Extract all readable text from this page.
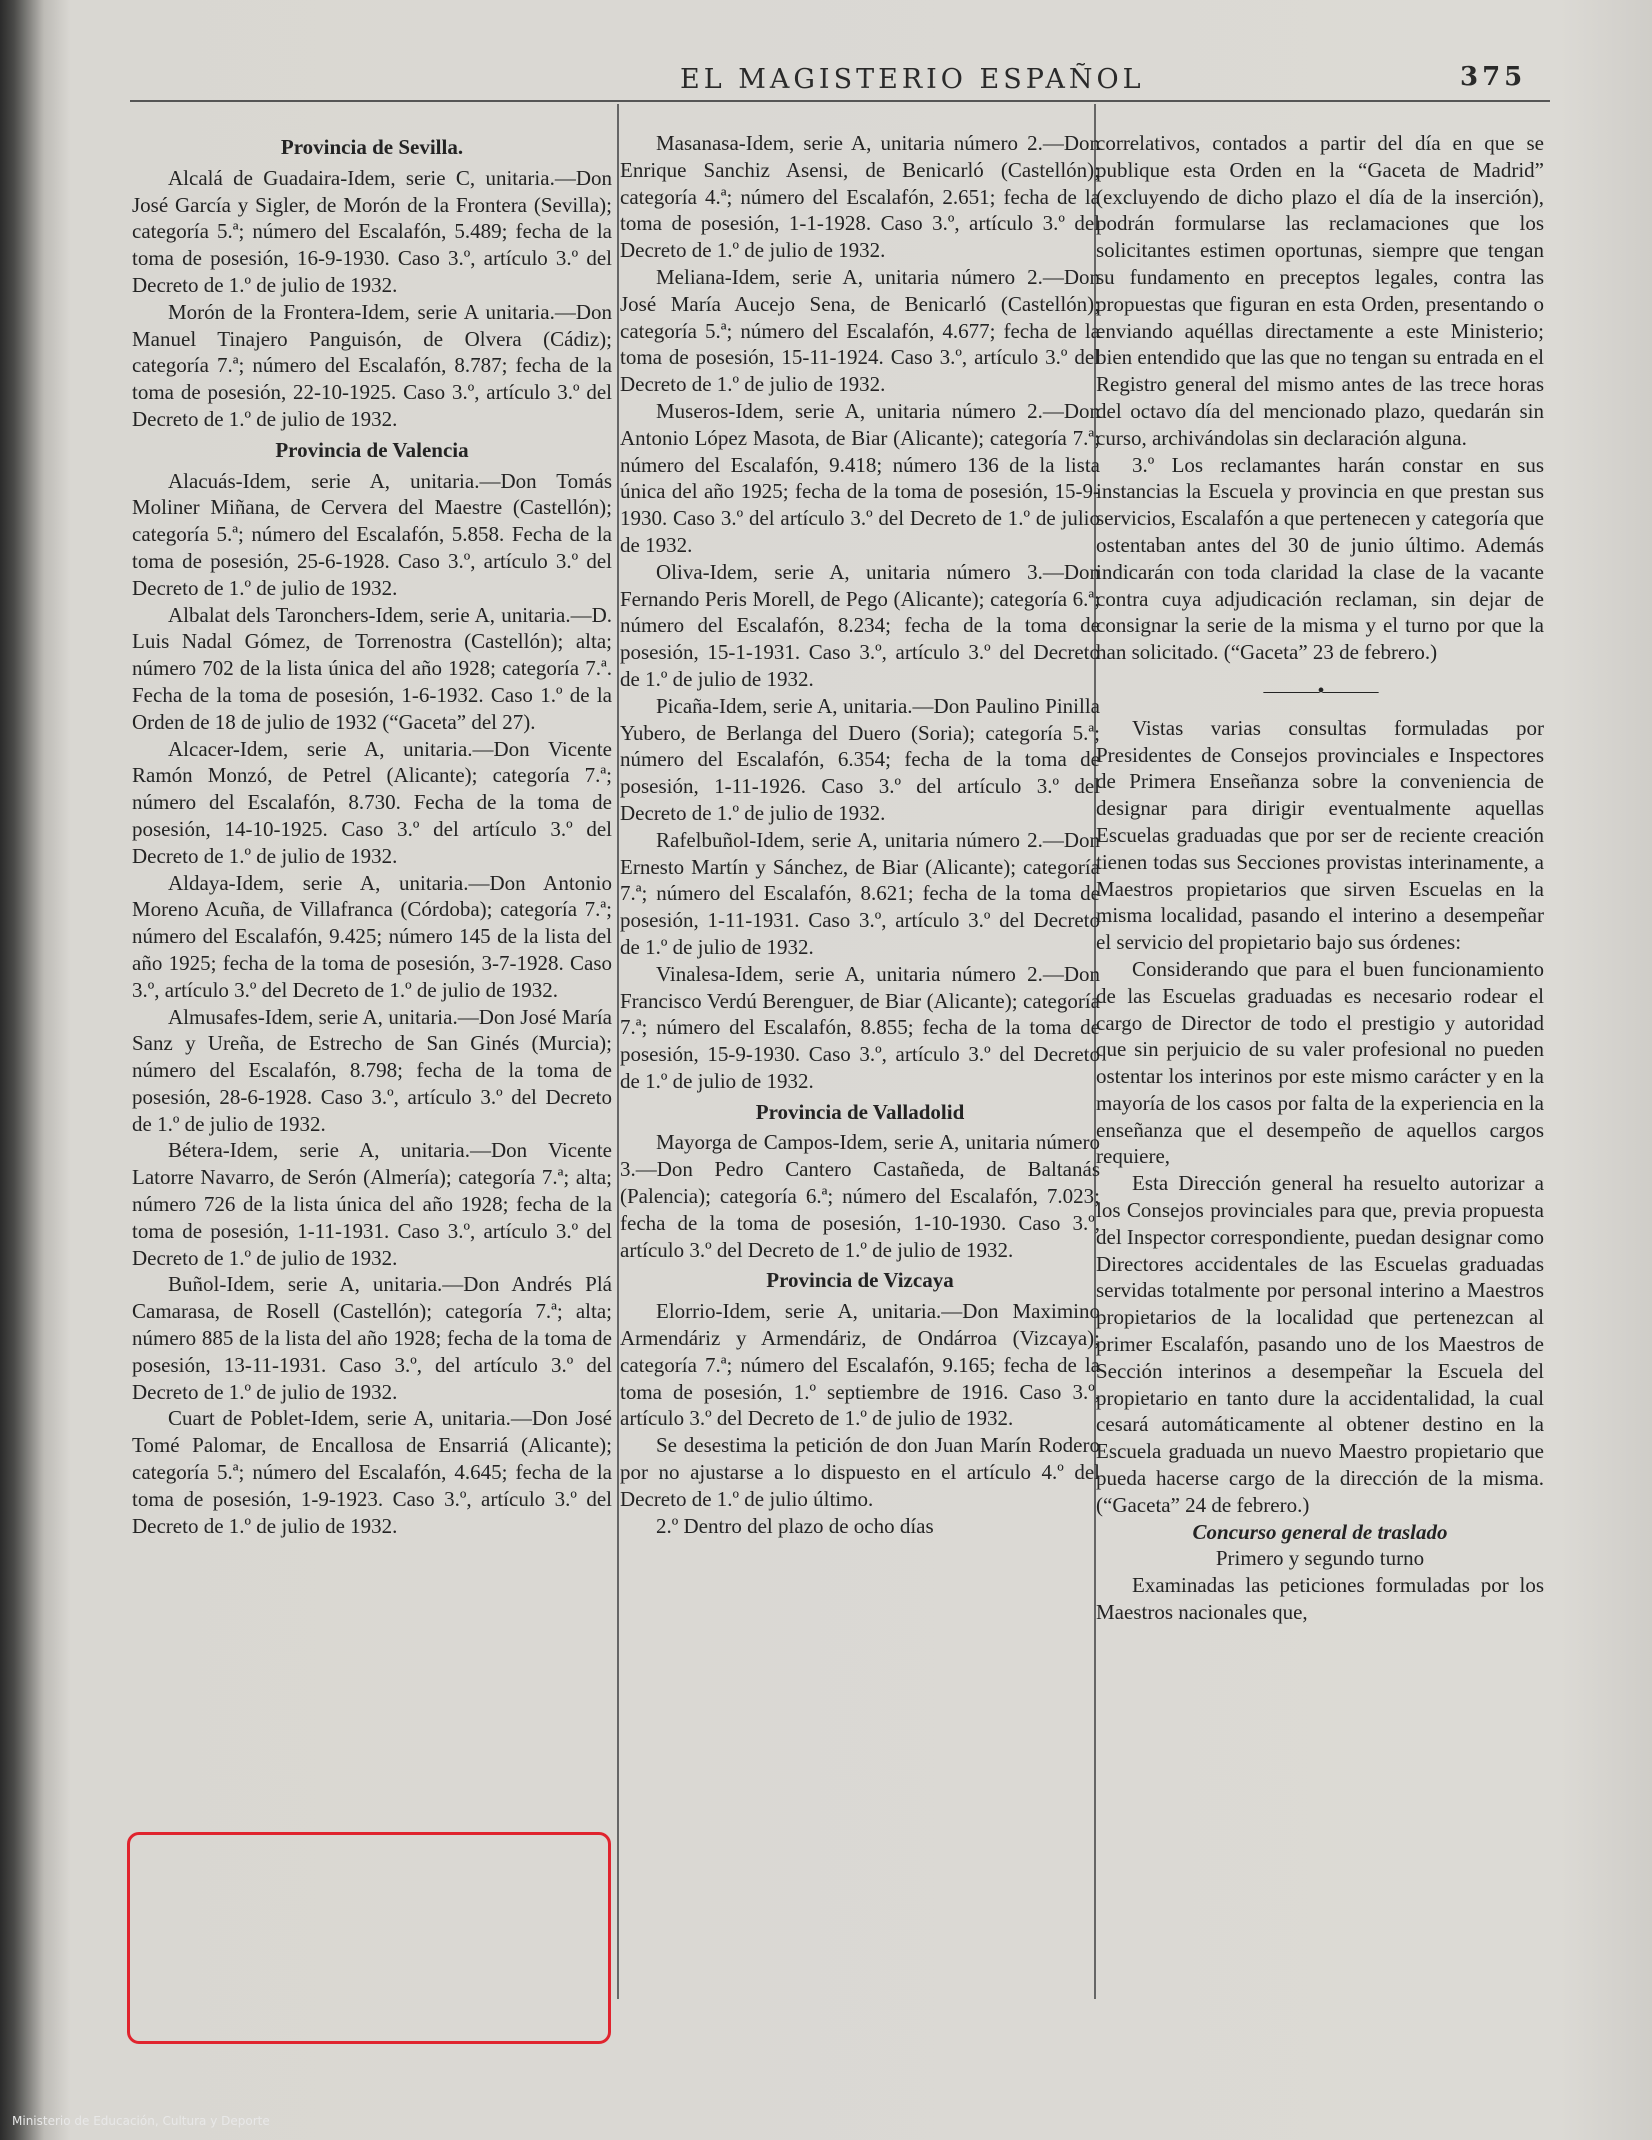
EL MAGISTERIO ESPAÑOL	375
Provincia de Sevilla.

Alcalá de Guadaira-Idem, serie C, unitaria.—Don José García y Sigler, de Morón de la Frontera (Sevilla); categoría 5.ª; número del Escalafón, 5.489; fecha de la toma de posesión, 16-9-1930. Caso 3.º, artículo 3.º del Decreto de 1.º de julio de 1932.

Morón de la Frontera-Idem, serie A unitaria.—Don Manuel Tinajero Panguisón, de Olvera (Cádiz); categoría 7.ª; número del Escalafón, 8.787; fecha de la toma de posesión, 22-10-1925. Caso 3.º, artículo 3.º del Decreto de 1.º de julio de 1932.

Provincia de Valencia

Alacuás-Idem, serie A, unitaria.—Don Tomás Moliner Miñana, de Cervera del Maestre (Castellón); categoría 5.ª; número del Escalafón, 5.858. Fecha de la toma de posesión, 25-6-1928. Caso 3.º, artículo 3.º del Decreto de 1.º de julio de 1932.

Albalat dels Taronchers-Idem, serie A, unitaria.—D. Luis Nadal Gómez, de Torrenostra (Castellón); alta; número 702 de la lista única del año 1928; categoría 7.ª. Fecha de la toma de posesión, 1-6-1932. Caso 1.º de la Orden de 18 de julio de 1932 (“Gaceta” del 27).

Alcacer-Idem, serie A, unitaria.—Don Vicente Ramón Monzó, de Petrel (Alicante); categoría 7.ª; número del Escalafón, 8.730. Fecha de la toma de posesión, 14-10-1925. Caso 3.º del artículo 3.º del Decreto de 1.º de julio de 1932.

Aldaya-Idem, serie A, unitaria.—Don Antonio Moreno Acuña, de Villafranca (Córdoba); categoría 7.ª; número del Escalafón, 9.425; número 145 de la lista del año 1925; fecha de la toma de posesión, 3-7-1928. Caso 3.º, artículo 3.º del Decreto de 1.º de julio de 1932.

Almusafes-Idem, serie A, unitaria.—Don José María Sanz y Ureña, de Estrecho de San Ginés (Murcia); número del Escalafón, 8.798; fecha de la toma de posesión, 28-6-1928. Caso 3.º, artículo 3.º del Decreto de 1.º de julio de 1932.

Bétera-Idem, serie A, unitaria.—Don Vicente Latorre Navarro, de Serón (Almería); categoría 7.ª; alta; número 726 de la lista única del año 1928; fecha de la toma de posesión, 1-11-1931. Caso 3.º, artículo 3.º del Decreto de 1.º de julio de 1932.

Buñol-Idem, serie A, unitaria.—Don Andrés Plá Camarasa, de Rosell (Castellón); categoría 7.ª; alta; número 885 de la lista del año 1928; fecha de la toma de posesión, 13-11-1931. Caso 3.º, del artículo 3.º del Decreto de 1.º de julio de 1932.

Cuart de Poblet-Idem, serie A, unitaria.—Don José Tomé Palomar, de Encallosa de Ensarriá (Alicante); categoría 5.ª; número del Escalafón, 4.645; fecha de la toma de posesión, 1-9-1923. Caso 3.º, artículo 3.º del Decreto de 1.º de julio de 1932.

Masanasa-Idem, serie A, unitaria número 2.—Don Enrique Sanchiz Asensi, de Benicarló (Castellón); categoría 4.ª; número del Escalafón, 2.651; fecha de la toma de posesión, 1-1-1928. Caso 3.º, artículo 3.º del Decreto de 1.º de julio de 1932.

Meliana-Idem, serie A, unitaria número 2.—Don José María Aucejo Sena, de Benicarló (Castellón); categoría 5.ª; número del Escalafón, 4.677; fecha de la toma de posesión, 15-11-1924. Caso 3.º, artículo 3.º del Decreto de 1.º de julio de 1932.

Museros-Idem, serie A, unitaria número 2.—Don Antonio López Masota, de Biar (Alicante); categoría 7.ª; número del Escalafón, 9.418; número 136 de la lista única del año 1925; fecha de la toma de posesión, 15-9-1930. Caso 3.º del artículo 3.º del Decreto de 1.º de julio de 1932.

Oliva-Idem, serie A, unitaria número 3.—Don Fernando Peris Morell, de Pego (Alicante); categoría 6.ª; número del Escalafón, 8.234; fecha de la toma de posesión, 15-1-1931. Caso 3.º, artículo 3.º del Decreto de 1.º de julio de 1932.

Picaña-Idem, serie A, unitaria.—Don Paulino Pinilla Yubero, de Berlanga del Duero (Soria); categoría 5.ª; número del Escalafón, 6.354; fecha de la toma de posesión, 1-11-1926. Caso 3.º del artículo 3.º del Decreto de 1.º de julio de 1932.

Rafelbuñol-Idem, serie A, unitaria número 2.—Don Ernesto Martín y Sánchez, de Biar (Alicante); categoría 7.ª; número del Escalafón, 8.621; fecha de la toma de posesión, 1-11-1931. Caso 3.º, artículo 3.º del Decreto de 1.º de julio de 1932.

Vinalesa-Idem, serie A, unitaria número 2.—Don Francisco Verdú Berenguer, de Biar (Alicante); categoría 7.ª; número del Escalafón, 8.855; fecha de la toma de posesión, 15-9-1930. Caso 3.º, artículo 3.º del Decreto de 1.º de julio de 1932.

Provincia de Valladolid

Mayorga de Campos-Idem, serie A, unitaria número 3.—Don Pedro Cantero Castañeda, de Baltanás (Palencia); categoría 6.ª; número del Escalafón, 7.023; fecha de la toma de posesión, 1-10-1930. Caso 3.º, artículo 3.º del Decreto de 1.º de julio de 1932.

Provincia de Vizcaya

Elorrio-Idem, serie A, unitaria.—Don Maximino Armendáriz y Armendáriz, de Ondárroa (Vizcaya); categoría 7.ª; número del Escalafón, 9.165; fecha de la toma de posesión, 1.º septiembre de 1916. Caso 3.º, artículo 3.º del Decreto de 1.º de julio de 1932.

Se desestima la petición de don Juan Marín Rodero por no ajustarse a lo dispuesto en el artículo 4.º del Decreto de 1.º de julio último.

2.º Dentro del plazo de ocho días

correlativos, contados a partir del día en que se publique esta Orden en la “Gaceta de Madrid” (excluyendo de dicho plazo el día de la inserción), podrán formularse las reclamaciones que los solicitantes estimen oportunas, siempre que tengan su fundamento en preceptos legales, contra las propuestas que figuran en esta Orden, presentando o enviando aquéllas directamente a este Ministerio; bien entendido que las que no tengan su entrada en el Registro general del mismo antes de las trece horas del octavo día del mencionado plazo, quedarán sin curso, archivándolas sin declaración alguna.

3.º Los reclamantes harán constar en sus instancias la Escuela y provincia en que prestan sus servicios, Escalafón a que pertenecen y categoría que ostentaban antes del 30 de junio último. Además indicarán con toda claridad la clase de la vacante contra cuya adjudicación reclaman, sin dejar de consignar la serie de la misma y el turno por que la han solicitado. (“Gaceta” 23 de febrero.)

———•———

Vistas varias consultas formuladas por Presidentes de Consejos provinciales e Inspectores de Primera Enseñanza sobre la conveniencia de designar para dirigir eventualmente aquellas Escuelas graduadas que por ser de reciente creación tienen todas sus Secciones provistas interinamente, a Maestros propietarios que sirven Escuelas en la misma localidad, pasando el interino a desempeñar el servicio del propietario bajo sus órdenes:

Considerando que para el buen funcionamiento de las Escuelas graduadas es necesario rodear el cargo de Director de todo el prestigio y autoridad que sin perjuicio de su valer profesional no pueden ostentar los interinos por este mismo carácter y en la mayoría de los casos por falta de la experiencia en la enseñanza que el desempeño de aquellos cargos requiere,

Esta Dirección general ha resuelto autorizar a los Consejos provinciales para que, previa propuesta del Inspector correspondiente, puedan designar como Directores accidentales de las Escuelas graduadas servidas totalmente por personal interino a Maestros propietarios de la localidad que pertenezcan al primer Escalafón, pasando uno de los Maestros de Sección interinos a desempeñar la Escuela del propietario en tanto dure la accidentalidad, la cual cesará automáticamente al obtener destino en la Escuela graduada un nuevo Maestro propietario que pueda hacerse cargo de la dirección de la misma. (“Gaceta” 24 de febrero.)

Concurso general de traslado

Primero y segundo turno

Examinadas las peticiones formuladas por los Maestros nacionales que,

Ministerio de Educación, Cultura y Deporte
